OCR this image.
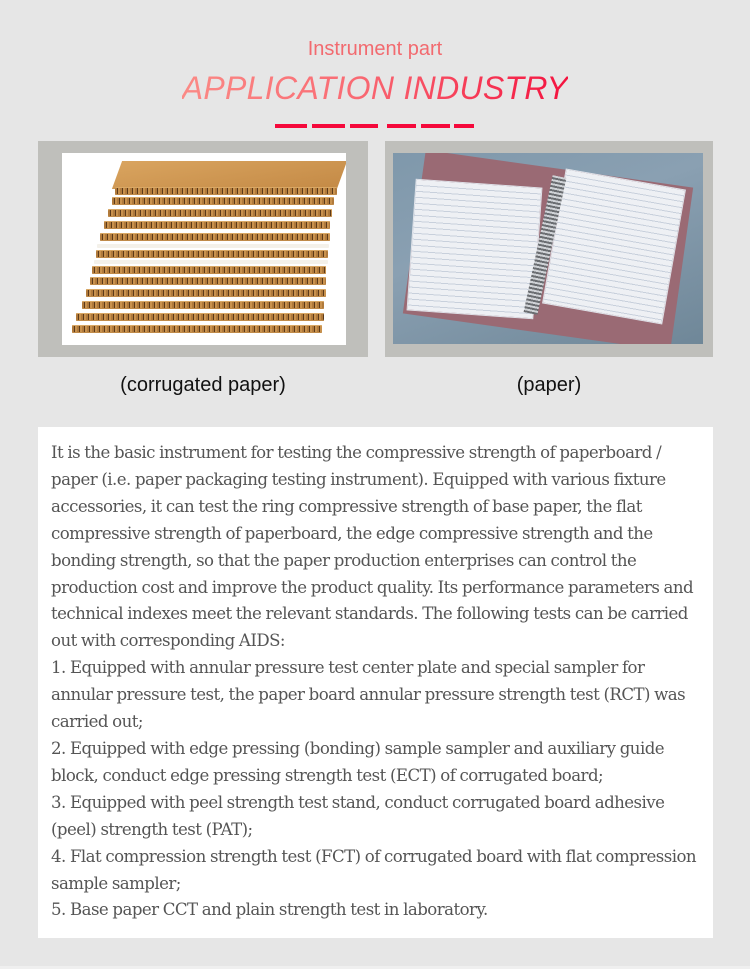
Instrument part
APPLICATION INDUSTRY
(corrugated paper)	(paper)

It is the basic instrument for testing the compressive strength of paperboard / paper (i.e. paper packaging testing instrument). Equipped with various fixture accessories, it can test the ring compressive strength of base paper, the flat compressive strength of paperboard, the edge compressive strength and the bonding strength, so that the paper production enterprises can control the production cost and improve the product quality. Its performance parameters and technical indexes meet the relevant standards. The following tests can be carried out with corresponding AIDS:

1. Equipped with annular pressure test center plate and special sampler for annular pressure test, the paper board annular pressure strength test (RCT) was carried out;

2. Equipped with edge pressing (bonding) sample sampler and auxiliary guide block, conduct edge pressing strength test (ECT) of corrugated board;

3. Equipped with peel strength test stand, conduct corrugated board adhesive (peel) strength test (PAT);

4. Flat compression strength test (FCT) of corrugated board with flat compression sample sampler;

5. Base paper CCT and plain strength test in laboratory.
